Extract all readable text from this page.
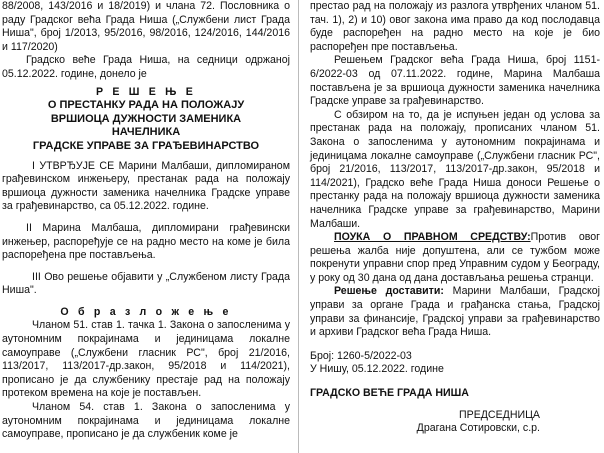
88/2008, 143/2016 и 18/2019) и члана 72. Пословника о раду Градског већа Града Ниша („Службени лист Града Ниша", број 1/2013, 95/2016, 98/2016, 124/2016, 144/2016 и 117/2020)

Градско веће Града Ниша, на седници одржаној 05.12.2022. године, донело је

Р Е Ш Е Њ Е
О ПРЕСТАНКУ РАДА НА ПОЛОЖАЈУ
ВРШИОЦА ДУЖНОСТИ ЗАМЕНИКА
НАЧЕЛНИКА
ГРАДСКЕ УПРАВЕ ЗА ГРАЂЕВИНАРСТВО

I УТВРЂУЈЕ СЕ Марини Малбаши, дипломираном грађевинском инжењеру, престанак рада на положају вршиоца дужности заменика начелника Градске управе за грађевинарство, са 05.12.2022. године.

II Марина Малбаша, дипломирани грађевински инжењер, распоређује се на радно место на коме је била распоређена пре постављења.

III Ово решење објавити у „Службеном листу Града Ниша".

О б р а з л о ж е њ е

Чланом 51. став 1. тачка 1. Закона о запосленима у аутономним покрајинама и јединицама локалне самоуправе („Службени гласник РС", број 21/2016, 113/2017, 113/2017-др.закон, 95/2018 и 114/2021), прописано је да службенику престаје рад на положају протеком времена на које је постављен.

Чланом 54. став 1. Закона о запосленима у аутономним покрајинама и јединицама локалне самоуправе, прописано је да службеник коме је

престао рад на положају из разлога утврђених чланом 51. тач. 1), 2) и 10) овог закона има право да код послодавца буде распоређен на радно место на које је био распоређен пре постављења.

Решењем Градског већа Града Ниша, број 1151-6/2022-03 од 07.11.2022. године, Марина Малбаша постављена је за вршиоца дужности заменика начелника Градске управе за грађевинарство.

С обзиром на то, да је испуњен један од услова за престанак рада на положају, прописаних чланом 51. Закона о запосленима у аутономним покрајинама и јединицама локалне самоуправе („Службени гласник РС", број 21/2016, 113/2017, 113/2017-др.закон, 95/2018 и 114/2021), Градско веће Града Ниша доноси Решење о престанку рада на положају вршиоца дужности заменика начелника Градске управе за грађевинарство, Марини Малбаши.

ПОУКА О ПРАВНОМ СРЕДСТВУ:Против овог решења жалба није допуштена, али се тужбом може покренути управни спор пред Управним судом у Београду, у року од 30 дана од дана достављања решења странци.

Решење доставити: Марини Малбаши, Градској управи за органе Града и грађанска стања, Градској управи за финансије, Градској управи за грађевинарство и архиви Градског већа Града Ниша.

Број: 1260-5/2022-03

У Нишу, 05.12.2022. године

ГРАДСКО ВЕЋЕ ГРАДА НИША
ПРЕДСЕДНИЦА
Драгана Сотировски, с.р.
